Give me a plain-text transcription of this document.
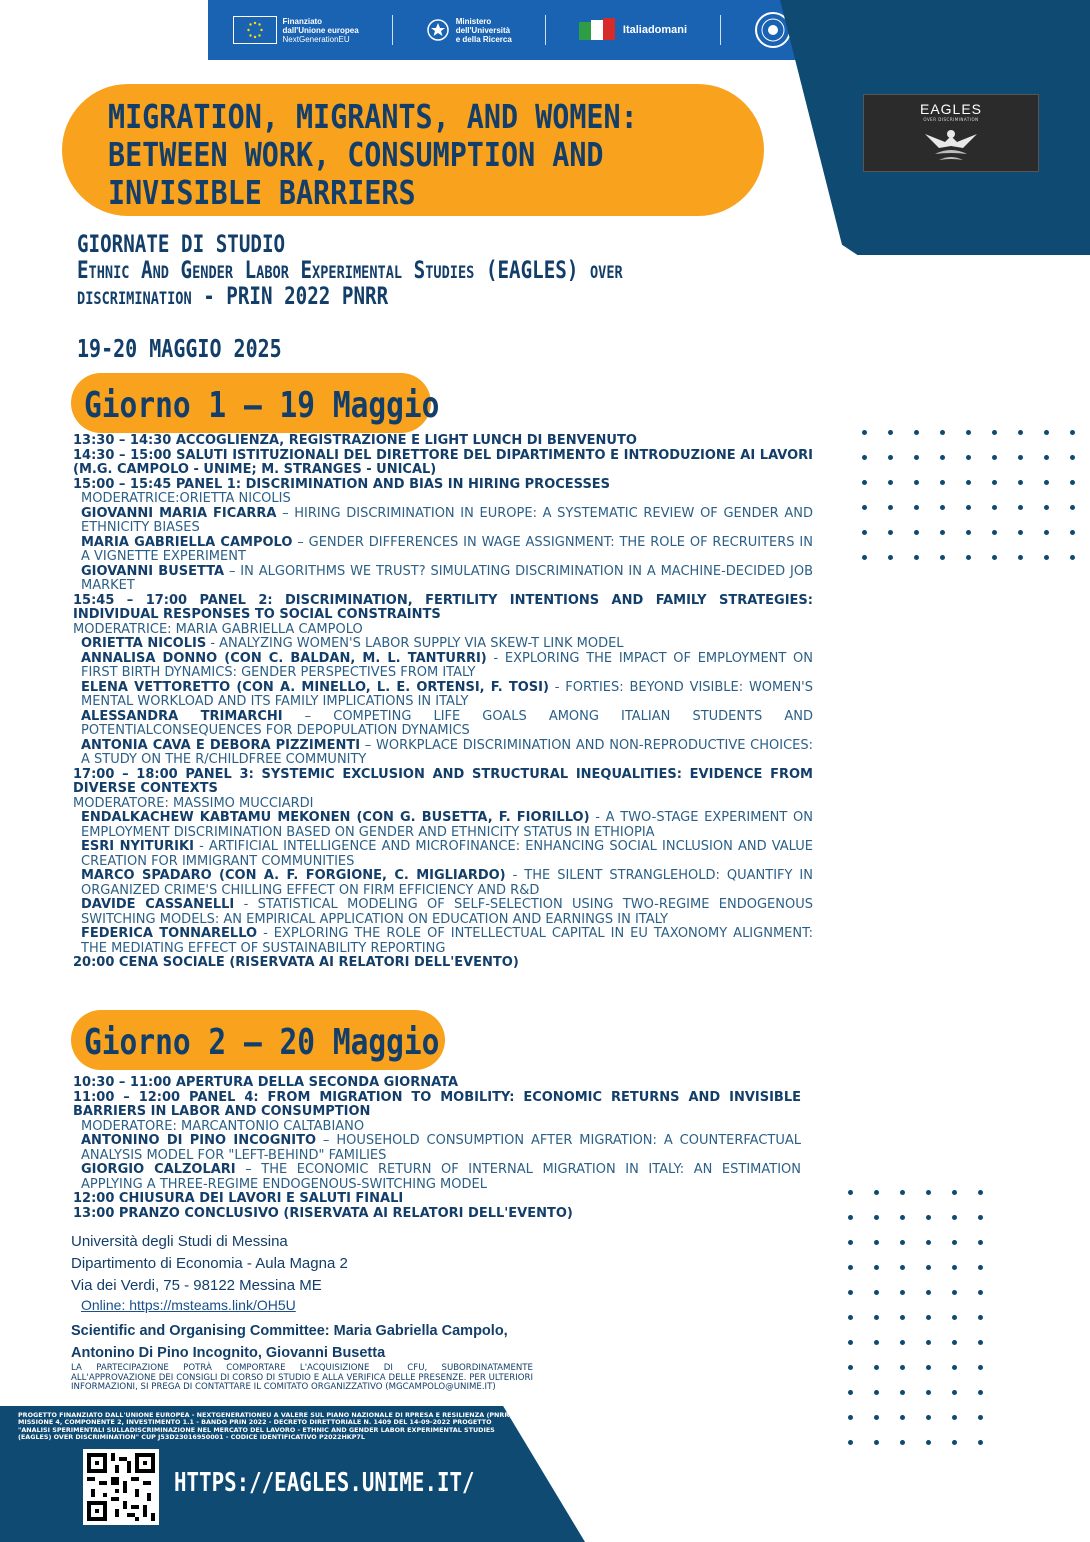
Finanziato
dall'Unione europea
NextGenerationEU
Ministero
dell'Università
e della Ricerca
Italiadomani
EAGLES
OVER DISCRIMINATION
MIGRATION, MIGRANTS, AND WOMEN:
BETWEEN WORK, CONSUMPTION AND
INVISIBLE BARRIERS
GIORNATE DI STUDIO
Ethnic And Gender Labor Experimental Studies (EAGLES) over
discrimination - PRIN 2022 PNRR
19-20 MAGGIO 2025
Giorno 1 – 19 Maggio
13:30 – 14:30 ACCOGLIENZA, REGISTRAZIONE E LIGHT LUNCH DI BENVENUTO
14:30 – 15:00 SALUTI ISTITUZIONALI DEL DIRETTORE DEL DIPARTIMENTO E INTRODUZIONE AI LAVORI (M.G. CAMPOLO - UNIME; M. STRANGES - UNICAL)
15:00 – 15:45 PANEL 1: DISCRIMINATION AND BIAS IN HIRING PROCESSES
MODERATRICE:ORIETTA NICOLIS
GIOVANNI MARIA FICARRA – HIRING DISCRIMINATION IN EUROPE: A SYSTEMATIC REVIEW OF GENDER AND ETHNICITY BIASES
MARIA GABRIELLA CAMPOLO – GENDER DIFFERENCES IN WAGE ASSIGNMENT: THE ROLE OF RECRUITERS IN A VIGNETTE EXPERIMENT
GIOVANNI BUSETTA – IN ALGORITHMS WE TRUST? SIMULATING DISCRIMINATION IN A MACHINE-DECIDED JOB MARKET
15:45 – 17:00 PANEL 2: DISCRIMINATION, FERTILITY INTENTIONS AND FAMILY STRATEGIES: INDIVIDUAL RESPONSES TO SOCIAL CONSTRAINTS
MODERATRICE: MARIA GABRIELLA CAMPOLO
ORIETTA NICOLIS - ANALYZING WOMEN'S LABOR SUPPLY VIA SKEW-T LINK MODEL
ANNALISA DONNO (CON C. BALDAN, M. L. TANTURRI) - EXPLORING THE IMPACT OF EMPLOYMENT ON FIRST BIRTH DYNAMICS: GENDER PERSPECTIVES FROM ITALY
ELENA VETTORETTO (CON A. MINELLO, L. E. ORTENSI, F. TOSI) - FORTIES: BEYOND VISIBLE: WOMEN'S MENTAL WORKLOAD AND ITS FAMILY IMPLICATIONS IN ITALY
ALESSANDRA TRIMARCHI – COMPETING LIFE GOALS AMONG ITALIAN STUDENTS AND POTENTIALCONSEQUENCES FOR DEPOPULATION DYNAMICS
ANTONIA CAVA E DEBORA PIZZIMENTI – WORKPLACE DISCRIMINATION AND NON-REPRODUCTIVE CHOICES: A STUDY ON THE R/CHILDFREE COMMUNITY
17:00 – 18:00 PANEL 3: SYSTEMIC EXCLUSION AND STRUCTURAL INEQUALITIES: EVIDENCE FROM DIVERSE CONTEXTS
MODERATORE: MASSIMO MUCCIARDI
ENDALKACHEW KABTAMU MEKONEN (CON G. BUSETTA, F. FIORILLO) - A TWO-STAGE EXPERIMENT ON EMPLOYMENT DISCRIMINATION BASED ON GENDER AND ETHNICITY STATUS IN ETHIOPIA
ESRI NYITURIKI - ARTIFICIAL INTELLIGENCE AND MICROFINANCE: ENHANCING SOCIAL INCLUSION AND VALUE CREATION FOR IMMIGRANT COMMUNITIES
MARCO SPADARO (CON A. F. FORGIONE, C. MIGLIARDO) - THE SILENT STRANGLEHOLD: QUANTIFY IN ORGANIZED CRIME'S CHILLING EFFECT ON FIRM EFFICIENCY AND R&D
DAVIDE CASSANELLI - STATISTICAL MODELING OF SELF-SELECTION USING TWO-REGIME ENDOGENOUS SWITCHING MODELS: AN EMPIRICAL APPLICATION ON EDUCATION AND EARNINGS IN ITALY
FEDERICA TONNARELLO - EXPLORING THE ROLE OF INTELLECTUAL CAPITAL IN EU TAXONOMY ALIGNMENT: THE MEDIATING EFFECT OF SUSTAINABILITY REPORTING
20:00 CENA SOCIALE (RISERVATA AI RELATORI DELL'EVENTO)
Giorno 2 – 20 Maggio
10:30 – 11:00 APERTURA DELLA SECONDA GIORNATA
11:00 – 12:00 PANEL 4: FROM MIGRATION TO MOBILITY: ECONOMIC RETURNS AND INVISIBLE BARRIERS IN LABOR AND CONSUMPTION
MODERATORE: MARCANTONIO CALTABIANO
ANTONINO DI PINO INCOGNITO – HOUSEHOLD CONSUMPTION AFTER MIGRATION: A COUNTERFACTUAL ANALYSIS MODEL FOR "LEFT-BEHIND" FAMILIES
GIORGIO CALZOLARI – THE ECONOMIC RETURN OF INTERNAL MIGRATION IN ITALY: AN ESTIMATION APPLYING A THREE-REGIME ENDOGENOUS-SWITCHING MODEL
12:00 CHIUSURA DEI LAVORI E SALUTI FINALI
13:00 PRANZO CONCLUSIVO (RISERVATA AI RELATORI DELL'EVENTO)
Università degli Studi di Messina
Dipartimento di Economia - Aula Magna 2
Via dei Verdi, 75 - 98122 Messina ME
Online: https://msteams.link/OH5U
Scientific and Organising Committee: Maria Gabriella Campolo, Antonino Di Pino Incognito, Giovanni Busetta
LA PARTECIPAZIONE POTRÀ COMPORTARE L'ACQUISIZIONE DI CFU, SUBORDINATAMENTE ALL'APPROVAZIONE DEI CONSIGLI DI CORSO DI STUDIO E ALLA VERIFICA DELLE PRESENZE. PER ULTERIORI INFORMAZIONI, SI PREGA DI CONTATTARE IL COMITATO ORGANIZZATIVO (MGCAMPOLO@UNIME.IT)
PROGETTO FINANZIATO DALL'UNIONE EUROPEA - NEXTGENERATIONEU A VALERE SUL PIANO NAZIONALE DI RPRESA E RESILIENZA (PNRR) - MISSIONE 4, COMPONENTE 2, INVESTIMENTO 1.1 - BANDO PRIN 2022 - DECRETO DIRETTORIALE N. 1409 DEL 14-09-2022 PROGETTO "ANALISI SPERIMENTALI SULLADISCRIMINAZIONE NEL MERCATO DEL LAVORO - ETHNIC AND GENDER LABOR EXPERIMENTAL STUDIES (EAGLES) OVER DISCRIMINATION" CUP J53D23016950001 - CODICE IDENTIFICATIVO P2022HKP7L
HTTPS://EAGLES.UNIME.IT/
